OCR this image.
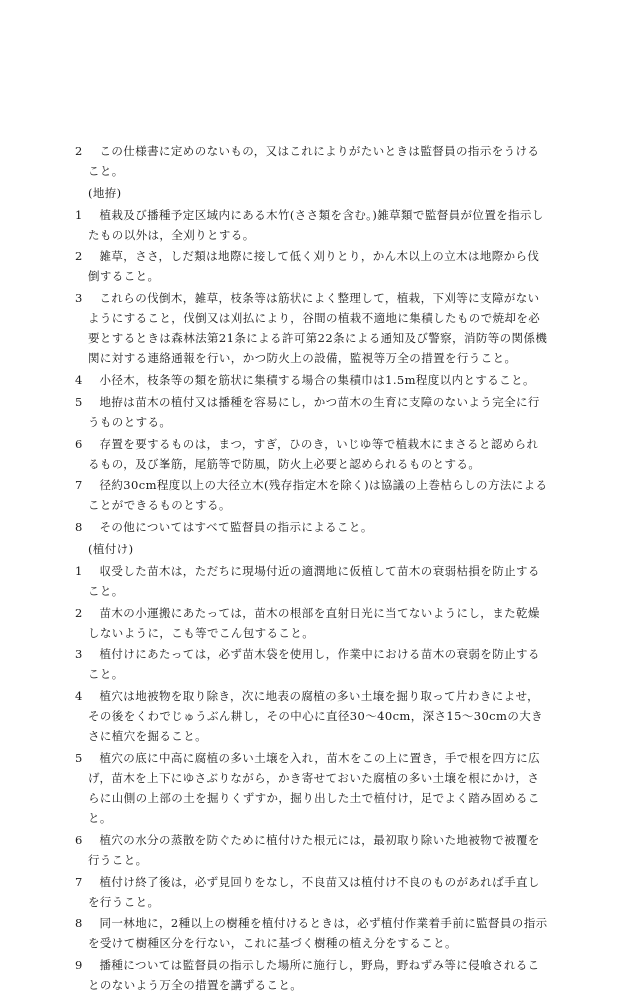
2 この仕様書に定めのないもの，又はこれによりがたいときは監督員の指示をうけること。
(地拵)
1 植栽及び播種予定区域内にある木竹(ささ類を含む。)雑草類で監督員が位置を指示したもの以外は，全刈りとする。
2 雑草，ささ，しだ類は地際に接して低く刈りとり，かん木以上の立木は地際から伐倒すること。
3 これらの伐倒木，雑草，枝条等は筋状によく整理して，植栽，下刈等に支障がないようにすること，伐倒又は刈払により，谷間の植栽不適地に集積したもので焼却を必要とするときは森林法第21条による許可第22条による通知及び警察，消防等の関係機関に対する連絡通報を行い，かつ防火上の設備，監視等万全の措置を行うこと。
4 小径木，枝条等の類を筋状に集積する場合の集積巾は1.5m程度以内とすること。
5 地拵は苗木の植付又は播種を容易にし，かつ苗木の生育に支障のないよう完全に行うものとする。
6 存置を要するものは，まつ，すぎ，ひのき，いじゆ等で植栽木にまさると認められるもの，及び峯筋，尾筋等で防風，防火上必要と認められるものとする。
7 径約30cm程度以上の大径立木(残存指定木を除く)は協議の上巻枯らしの方法によることができるものとする。
8 その他についてはすべて監督員の指示によること。
(植付け)
1 収受した苗木は，ただちに現場付近の適潤地に仮植して苗木の衰弱枯損を防止すること。
2 苗木の小運搬にあたっては，苗木の根部を直射日光に当てないようにし，また乾燥しないように，こも等でこん包すること。
3 植付けにあたっては，必ず苗木袋を使用し，作業中における苗木の衰弱を防止すること。
4 植穴は地被物を取り除き，次に地表の腐植の多い土壌を掘り取って片わきによせ，その後をくわでじゅうぶん耕し，その中心に直径30〜40cm，深さ15〜30cmの大きさに植穴を掘ること。
5 植穴の底に中高に腐植の多い土壌を入れ，苗木をこの上に置き，手で根を四方に広げ，苗木を上下にゆさぶりながら，かき寄せておいた腐植の多い土壌を根にかけ，さらに山側の上部の土を掘りくずすか，掘り出した土で植付け，足でよく踏み固めること。
6 植穴の水分の蒸散を防ぐために植付けた根元には，最初取り除いた地被物で被覆を行うこと。
7 植付け終了後は，必ず見回りをなし，不良苗又は植付け不良のものがあれば手直しを行うこと。
8 同一林地に，2種以上の樹種を植付けるときは，必ず植付作業着手前に監督員の指示を受けて樹種区分を行ない，これに基づく樹種の植え分をすること。
9 播種については監督員の指示した場所に施行し，野鳥，野ねずみ等に侵喰されることのないよう万全の措置を講ずること。
